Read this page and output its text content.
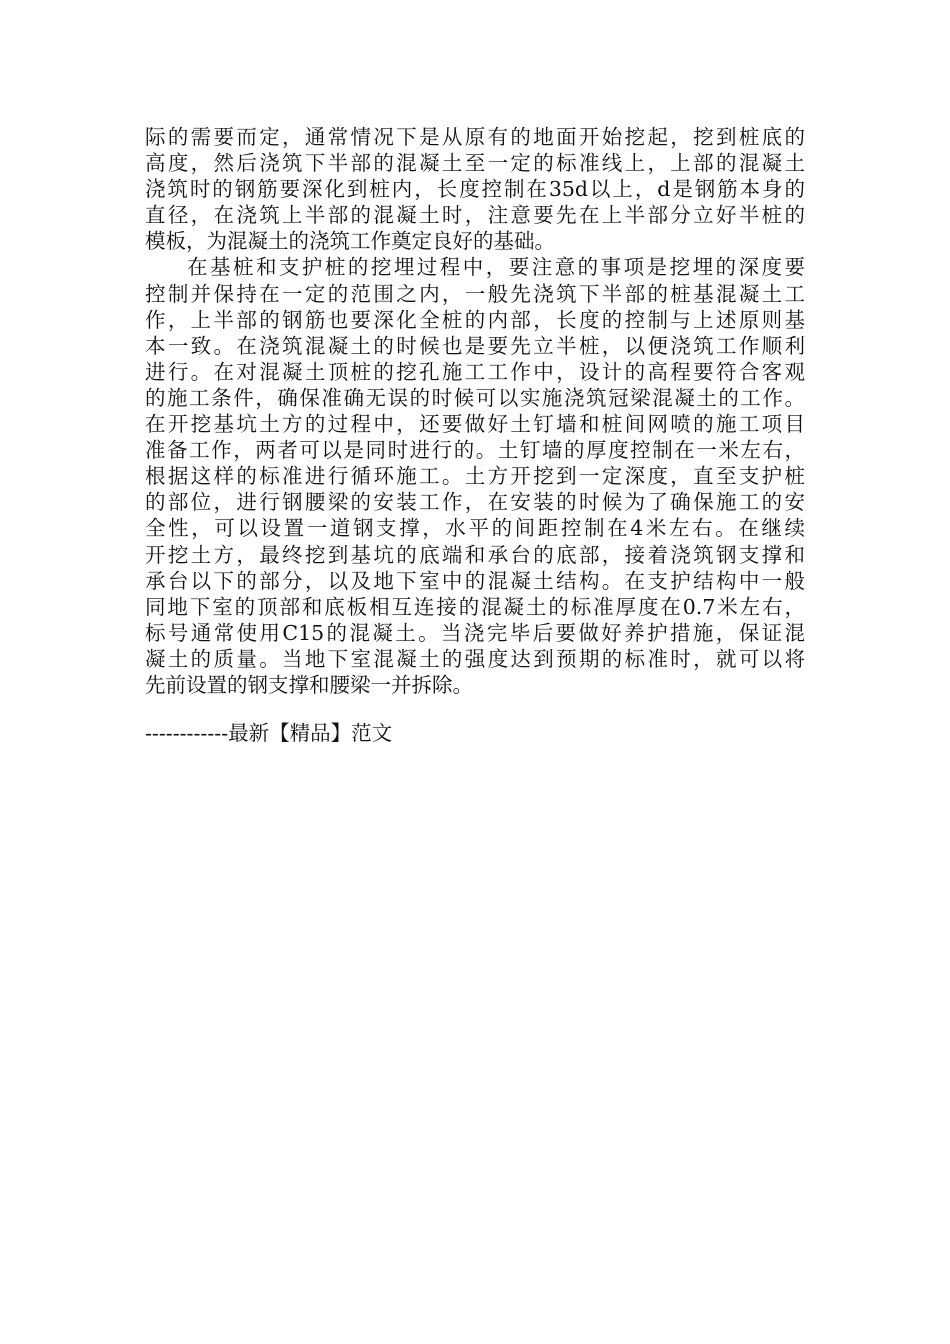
际的需要而定，通常情况下是从原有的地面开始挖起，挖到桩底的
高度，然后浇筑下半部的混凝土至一定的标准线上，上部的混凝土
浇筑时的钢筋要深化到桩内，长度控制在35d以上，d是钢筋本身的
直径，在浇筑上半部的混凝土时，注意要先在上半部分立好半桩的
模板，为混凝土的浇筑工作奠定良好的基础。
在基桩和支护桩的挖埋过程中，要注意的事项是挖埋的深度要
控制并保持在一定的范围之内，一般先浇筑下半部的桩基混凝土工
作，上半部的钢筋也要深化全桩的内部，长度的控制与上述原则基
本一致。在浇筑混凝土的时候也是要先立半桩，以便浇筑工作顺利
进行。在对混凝土顶桩的挖孔施工工作中，设计的高程要符合客观
的施工条件，确保准确无误的时候可以实施浇筑冠梁混凝土的工作。
在开挖基坑土方的过程中，还要做好土钉墙和桩间网喷的施工项目
准备工作，两者可以是同时进行的。土钉墙的厚度控制在一米左右，
根据这样的标准进行循环施工。土方开挖到一定深度，直至支护桩
的部位，进行钢腰梁的安装工作，在安装的时候为了确保施工的安
全性，可以设置一道钢支撑，水平的间距控制在4米左右。在继续
开挖土方，最终挖到基坑的底端和承台的底部，接着浇筑钢支撑和
承台以下的部分，以及地下室中的混凝土结构。在支护结构中一般
同地下室的顶部和底板相互连接的混凝土的标准厚度在0.7米左右，
标号通常使用C15的混凝土。当浇完毕后要做好养护措施，保证混
凝土的质量。当地下室混凝土的强度达到预期的标准时，就可以将
先前设置的钢支撑和腰梁一并拆除。
------------最新【精品】范文
